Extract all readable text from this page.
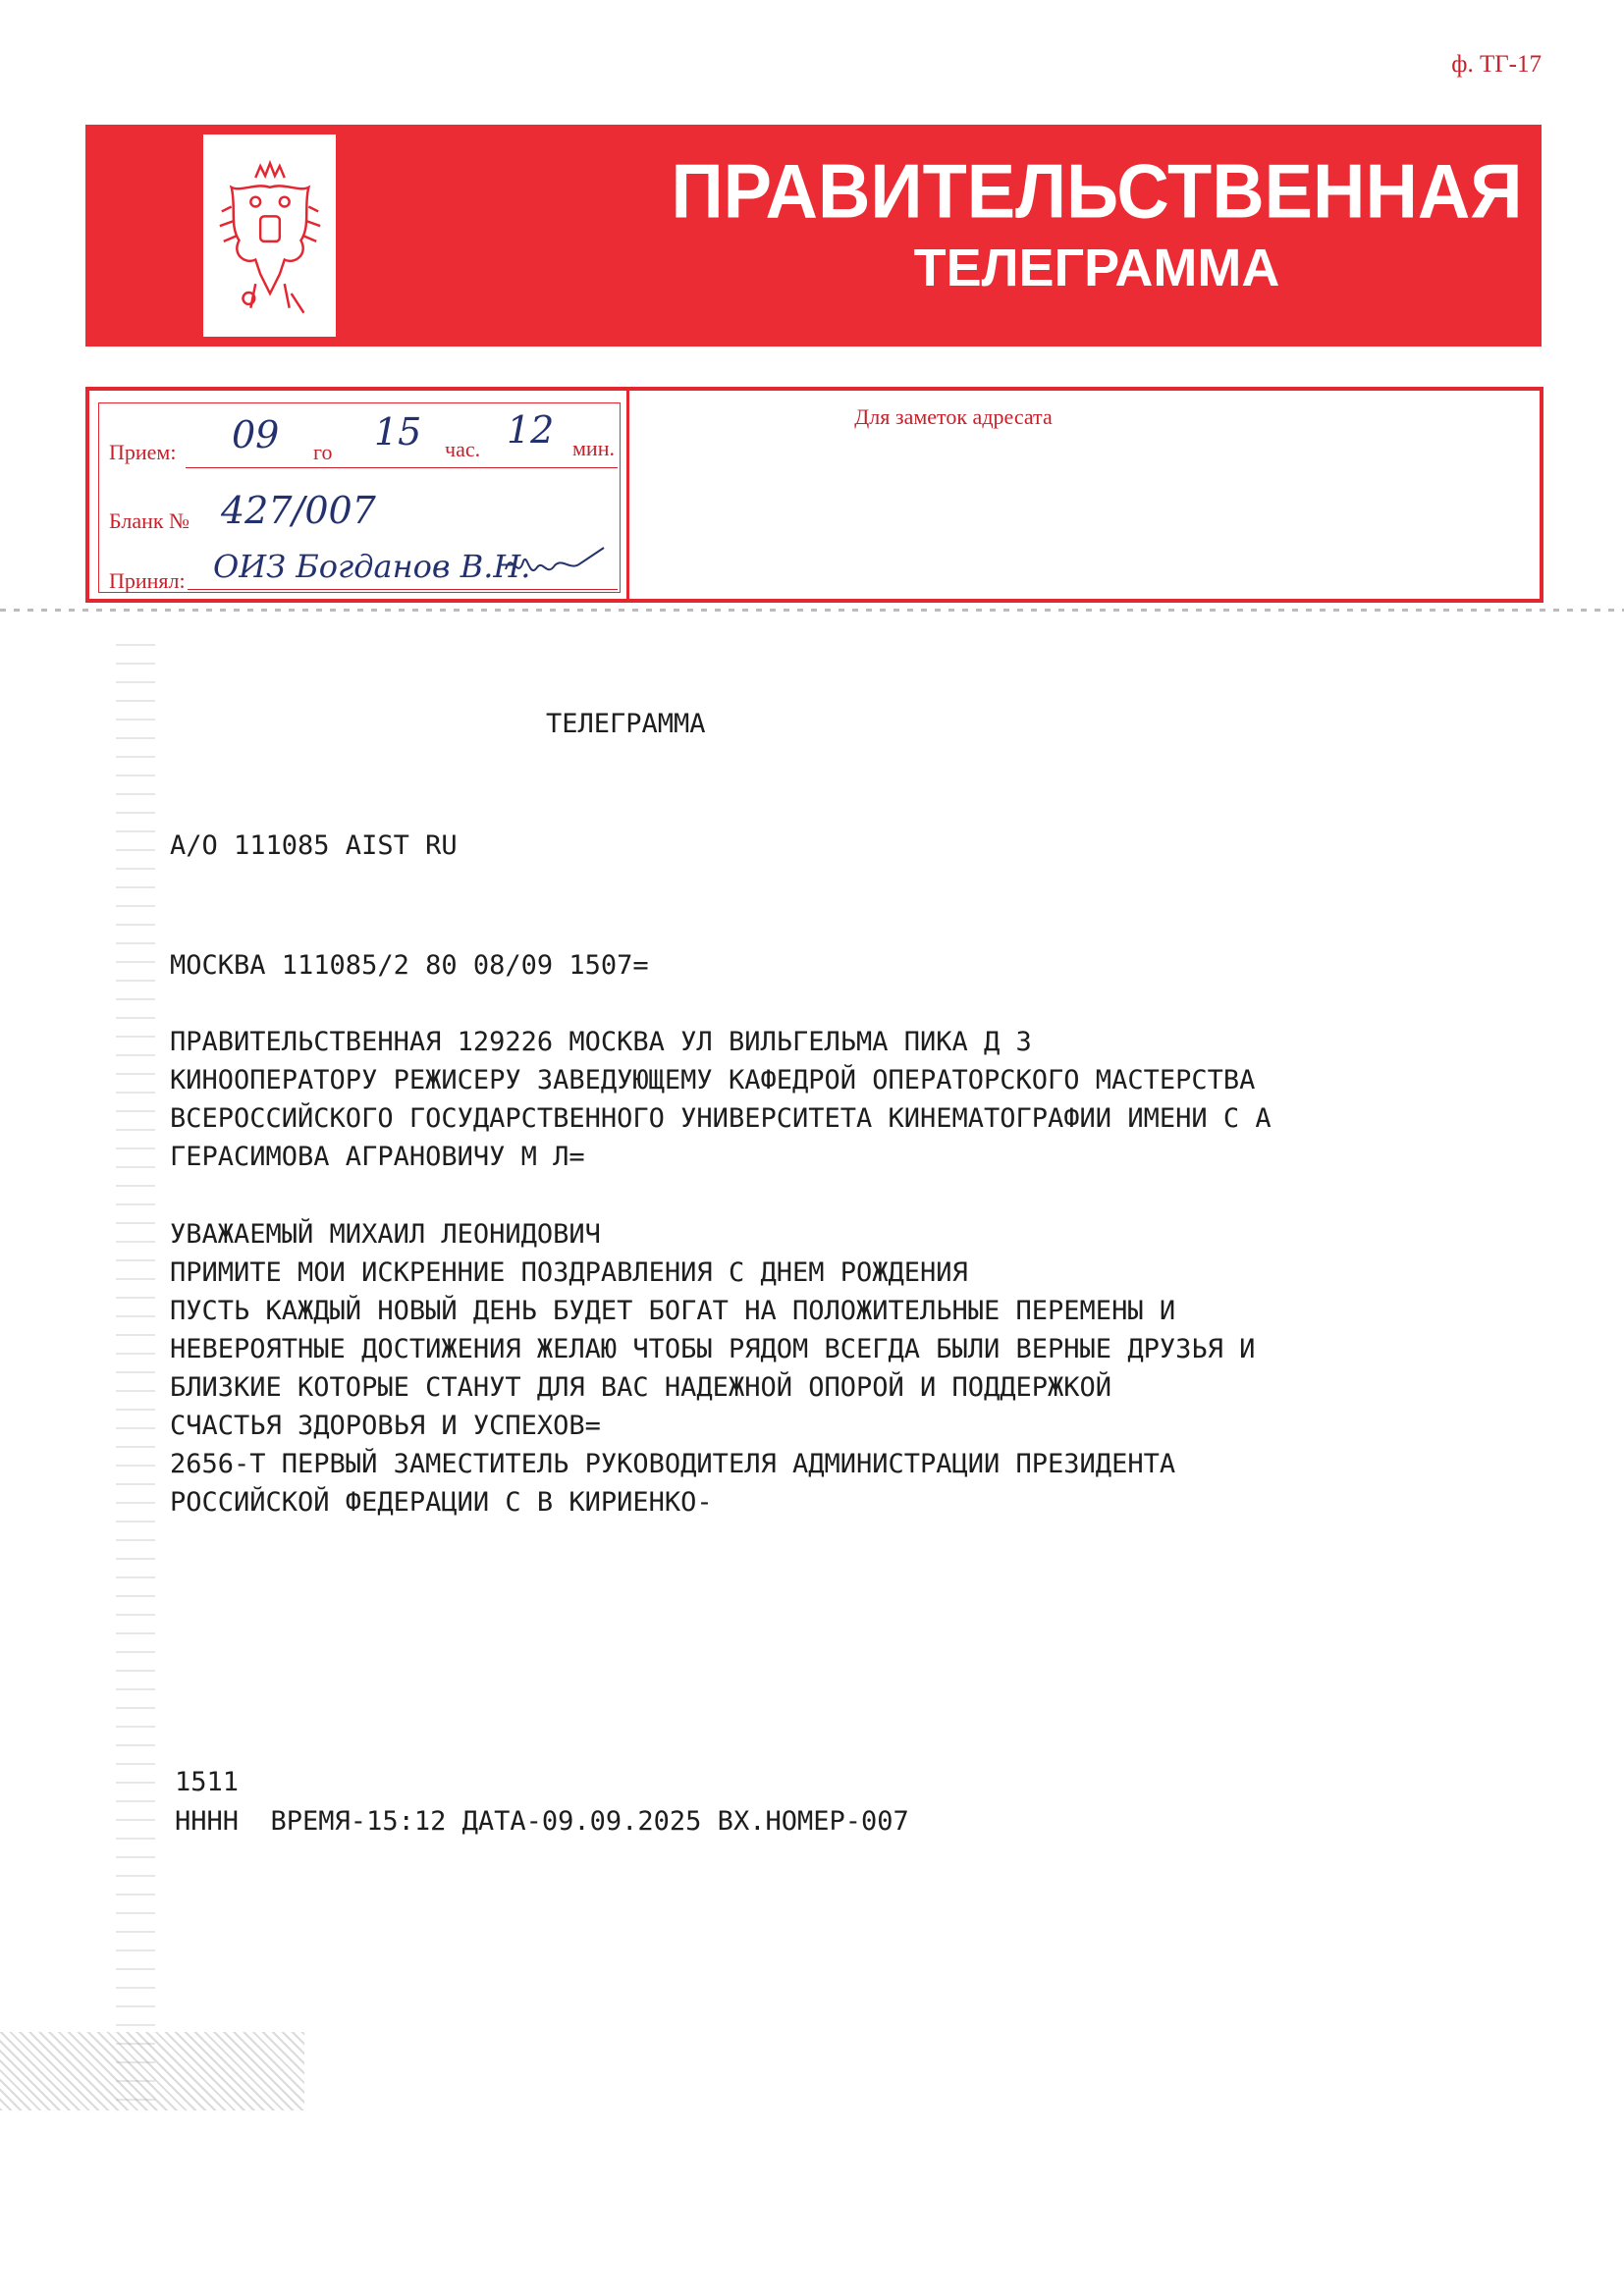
ф. ТГ-17
ПРАВИТЕЛЬСТВЕННАЯ
ТЕЛЕГРАММА
Прием: 09 го 15 час. 12 мин.
Бланк № 427/007
Принял: ОИЗ Богданов В.Н.
Для заметок адресата
ТЕЛЕГРАММА
A/O 111085 AIST RU
МОСКВА 111085/2 80 08/09 1507=
ПРАВИТЕЛЬСТВЕННАЯ 129226 МОСКВА УЛ ВИЛЬГЕЛЬМА ПИКА Д 3
КИНООПЕРАТОРУ РЕЖИСЕРУ ЗАВЕДУЮЩЕМУ КАФЕДРОЙ ОПЕРАТОРСКОГО МАСТЕРСТВА
ВСЕРОССИЙСКОГО ГОСУДАРСТВЕННОГО УНИВЕРСИТЕТА КИНЕМАТОГРАФИИ ИМЕНИ С А
ГЕРАСИМОВА АГРАНОВИЧУ М Л=
УВАЖАЕМЫЙ МИХАИЛ ЛЕОНИДОВИЧ
ПРИМИТЕ МОИ ИСКРЕННИЕ ПОЗДРАВЛЕНИЯ С ДНЕМ РОЖДЕНИЯ
ПУСТЬ КАЖДЫЙ НОВЫЙ ДЕНЬ БУДЕТ БОГАТ НА ПОЛОЖИТЕЛЬНЫЕ ПЕРЕМЕНЫ И
НЕВЕРОЯТНЫЕ ДОСТИЖЕНИЯ ЖЕЛАЮ ЧТОБЫ РЯДОМ ВСЕГДА БЫЛИ ВЕРНЫЕ ДРУЗЬЯ И
БЛИЗКИЕ КОТОРЫЕ СТАНУТ ДЛЯ ВАС НАДЕЖНОЙ ОПОРОЙ И ПОДДЕРЖКОЙ
СЧАСТЬЯ ЗДОРОВЬЯ И УСПЕХОВ=
2656-Т ПЕРВЫЙ ЗАМЕСТИТЕЛЬ РУКОВОДИТЕЛЯ АДМИНИСТРАЦИИ ПРЕЗИДЕНТА
РОССИЙСКОЙ ФЕДЕРАЦИИ С В КИРИЕНКО-
1511
НННН  ВРЕМЯ-15:12 ДАТА-09.09.2025 ВХ.НОМЕР-007
